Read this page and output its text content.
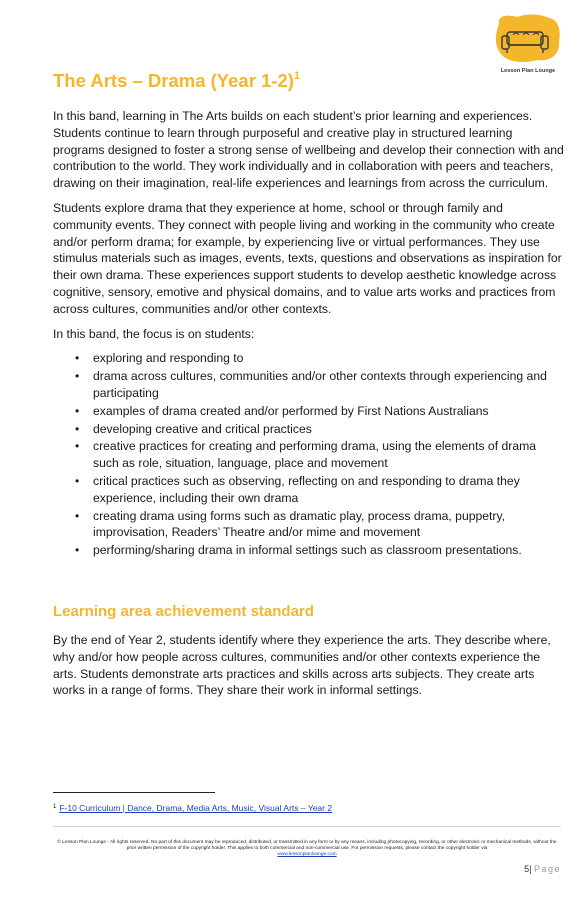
Lesson Plan Lounge
The Arts – Drama (Year 1-2)$^1$

In this band, learning in The Arts builds on each student’s prior learning and experiences. Students continue to learn through purposeful and creative play in structured learning programs designed to foster a strong sense of wellbeing and develop their connection with and contribution to the world. They work individually and in collaboration with peers and teachers, drawing on their imagination, real-life experiences and learnings from across the curriculum.

Students explore drama that they experience at home, school or through family and community events. They connect with people living and working in the community who create and/or perform drama; for example, by experiencing live or virtual performances. They use stimulus materials such as images, events, texts, questions and observations as inspiration for their own drama. These experiences support students to develop aesthetic knowledge across cognitive, sensory, emotive and physical domains, and to value arts works and practices from across cultures, communities and/or other contexts.

In this band, the focus is on students:

• exploring and responding to
• drama across cultures, communities and/or other contexts through experiencing and participating
• examples of drama created and/or performed by First Nations Australians
• developing creative and critical practices
• creative practices for creating and performing drama, using the elements of drama such as role, situation, language, place and movement
• critical practices such as observing, reflecting on and responding to drama they experience, including their own drama
• creating drama using forms such as dramatic play, process drama, puppetry, improvisation, Readers’ Theatre and/or mime and movement
• performing/sharing drama in informal settings such as classroom presentations.

Learning area achievement standard

By the end of Year 2, students identify where they experience the arts. They describe where, why and/or how people across cultures, communities and/or other contexts experience the arts. Students demonstrate arts practices and skills across arts subjects. They create arts works in a range of forms. They share their work in informal settings.

$^1$ F-10 Curriculum | Dance, Drama, Media Arts, Music, Visual Arts – Year 2
© Lesson Plan Lounge - All rights reserved. No part of this document may be reproduced, distributed, or transmitted in any form or by any means, including photocopying, recording, or other electronic or mechanical methods, without the prior written permission of the copyright holder. This applies to both commercial and non-commercial use. For permission requests, please contact the copyright holder via
www.lessonplanlounge.com
5| Page
